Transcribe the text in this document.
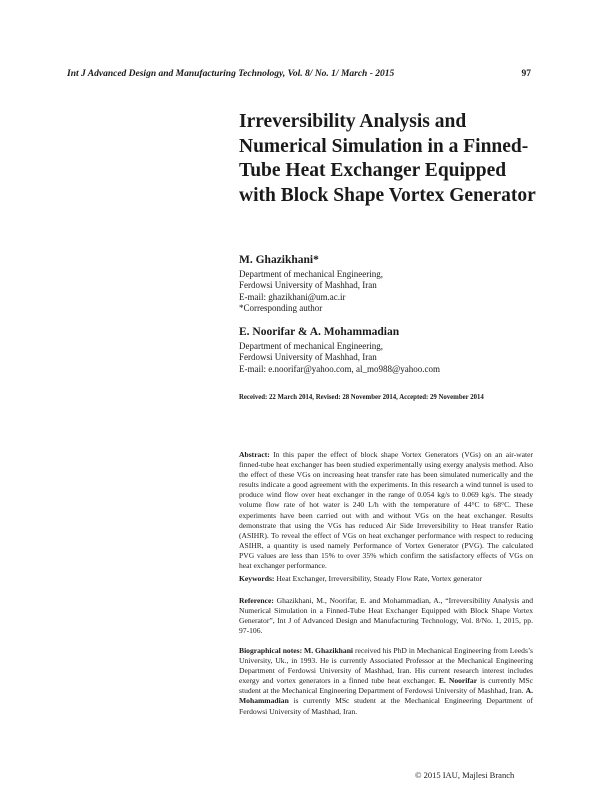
Int J Advanced Design and Manufacturing Technology, Vol. 8/ No. 1/ March - 2015	97
Irreversibility Analysis and Numerical Simulation in a Finned-Tube Heat Exchanger Equipped with Block Shape Vortex Generator
M. Ghazikhani*
Department of mechanical Engineering,
Ferdowsi University of Mashhad, Iran
E-mail: ghazikhani@um.ac.ir
*Corresponding author
E. Noorifar & A. Mohammadian
Department of mechanical Engineering,
Ferdowsi University of Mashhad, Iran
E-mail: e.noorifar@yahoo.com, al_mo988@yahoo.com
Received: 22 March 2014, Revised: 28 November 2014, Accepted: 29 November 2014

Abstract: In this paper the effect of block shape Vortex Generators (VGs) on an air-water finned-tube heat exchanger has been studied experimentally using exergy analysis method. Also the effect of these VGs on increasing heat transfer rate has been simulated numerically and the results indicate a good agreement with the experiments. In this research a wind tunnel is used to produce wind flow over heat exchanger in the range of 0.054 kg/s to 0.069 kg/s. The steady volume flow rate of hot water is 240 L/h with the temperature of 44°C to 68°C. These experiments have been carried out with and without VGs on the heat exchanger. Results demonstrate that using the VGs has reduced Air Side Irreversibility to Heat transfer Ratio (ASIHR). To reveal the effect of VGs on heat exchanger performance with respect to reducing ASIHR, a quantity is used namely Performance of Vortex Generator (PVG). The calculated PVG values are less than 15% to over 35% which confirm the satisfactory effects of VGs on heat exchanger performance.

Keywords: Heat Exchanger, Irreversibility, Steady Flow Rate, Vortex generator

Reference: Ghazikhani, M., Noorifar, E. and Mohammadian, A., “Irreversibility Analysis and Numerical Simulation in a Finned-Tube Heat Exchanger Equipped with Block Shape Vortex Generator”, Int J of Advanced Design and Manufacturing Technology, Vol. 8/No. 1, 2015, pp. 97-106.

Biographical notes: M. Ghazikhani received his PhD in Mechanical Engineering from Leeds’s University, Uk., in 1993. He is currently Associated Professor at the Mechanical Engineering Department of Ferdowsi University of Mashhad, Iran. His current research interest includes exergy and vortex generators in a finned tube heat exchanger. E. Noorifar is currently MSc student at the Mechanical Engineering Department of Ferdowsi University of Mashhad, Iran. A. Mohammadian is currently MSc student at the Mechanical Engineering Department of Ferdowsi University of Mashhad, Iran.

© 2015 IAU, Majlesi Branch
